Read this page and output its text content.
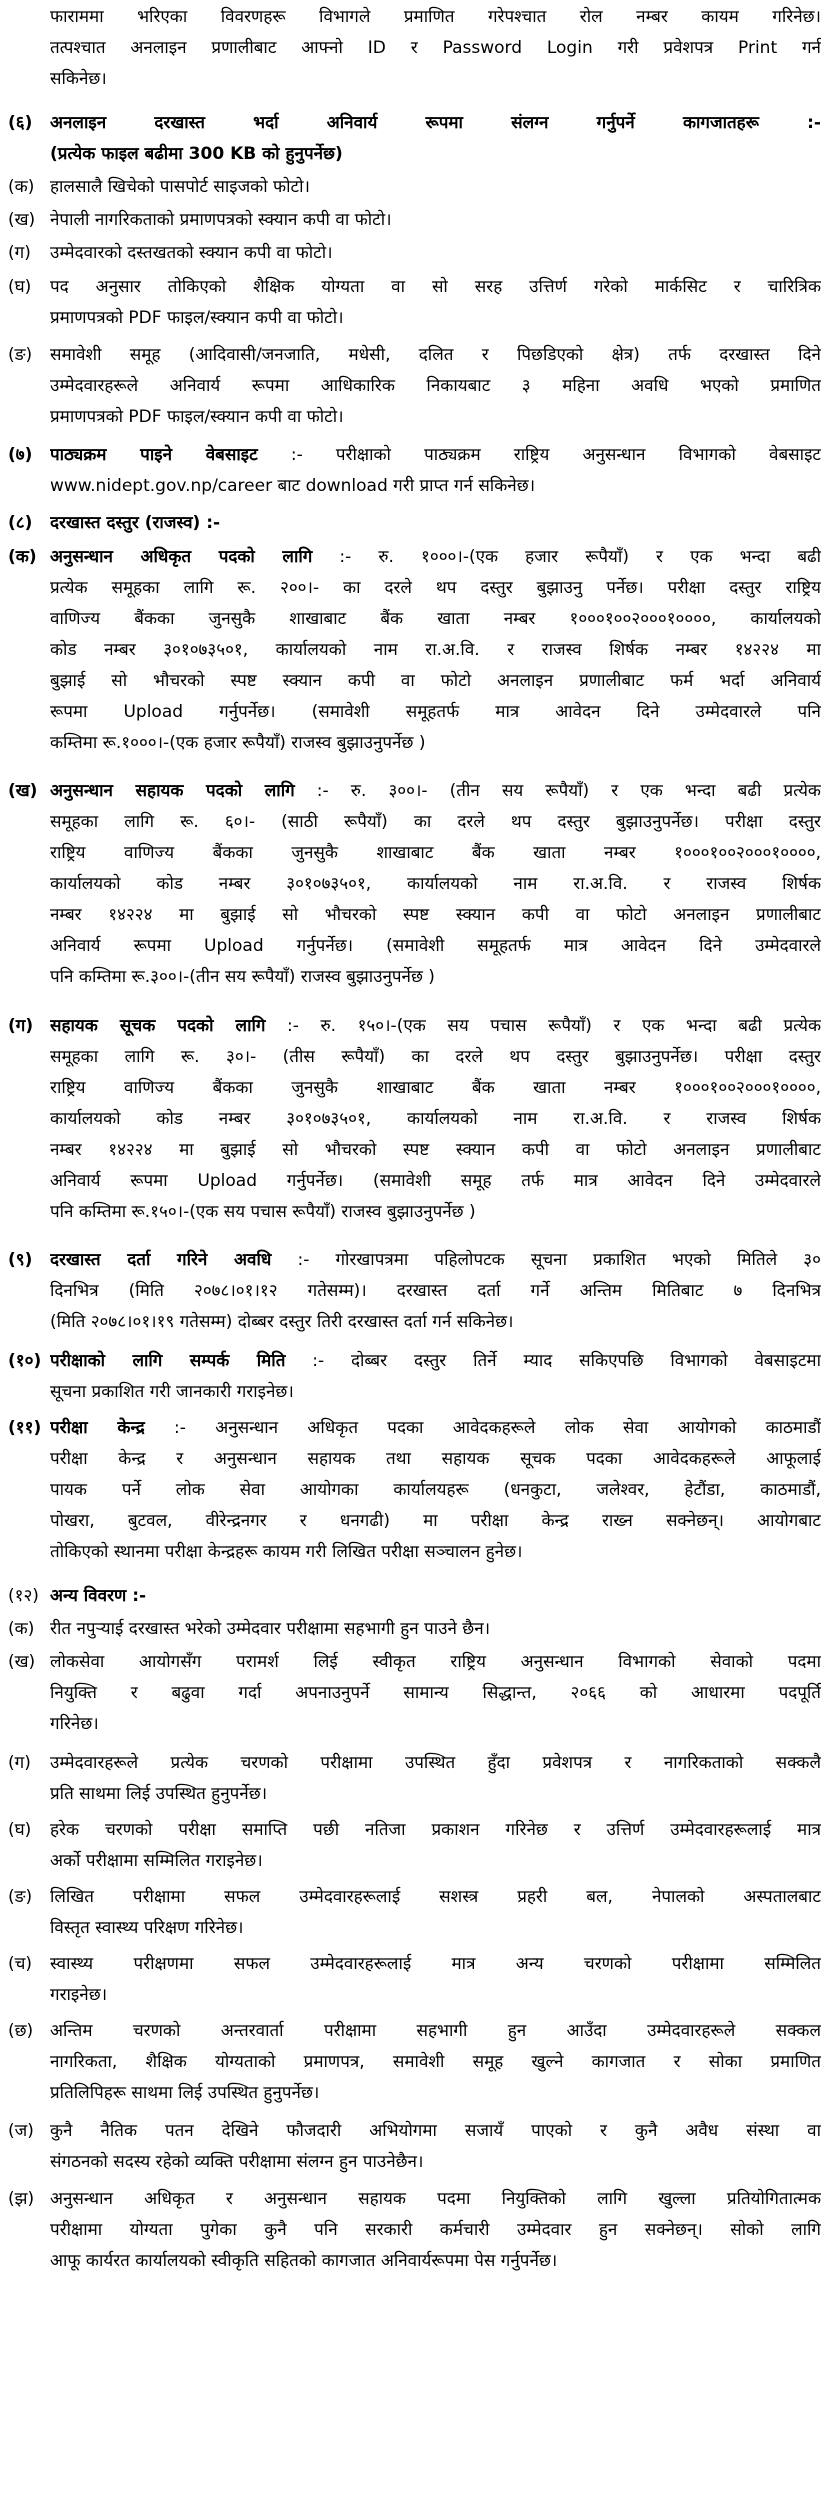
फाराममा भरिएका विवरणहरू विभागले प्रमाणित गरेपश्चात रोल नम्बर कायम गरिनेछ।
तत्पश्चात अनलाइन प्रणालीबाट आफ्नो ID र Password Login गरी प्रवेशपत्र Print गर्न
सकिनेछ।
(६)	अनलाइन दरखास्त भर्दा अनिवार्य रूपमा संलग्न गर्नुपर्ने कागजातहरू :-
(प्रत्येक फाइल बढीमा 300 KB को हुनुपर्नेछ)
(क) हालसालै खिचेको पासपोर्ट साइजको फोटो।
(ख) नेपाली नागरिकताको प्रमाणपत्रको स्क्यान कपी वा फोटो।
(ग)	उम्मेदवारको दस्तखतको स्क्यान कपी वा फोटो।
(घ)	पद अनुसार तोकिएको शैक्षिक योग्यता वा सो सरह उत्तिर्ण गरेको मार्कसिट र चारित्रिक
प्रमाणपत्रको PDF फाइल/स्क्यान कपी वा फोटो।
(ङ)	समावेशी समूह (आदिवासी/जनजाति, मधेसी, दलित र पिछडिएको क्षेत्र) तर्फ दरखास्त दिने
उम्मेदवारहरूले अनिवार्य रूपमा आधिकारिक निकायबाट ३ महिना अवधि भएको प्रमाणित
प्रमाणपत्रको PDF फाइल/स्क्यान कपी वा फोटो।
(७)	पाठ्यक्रम पाइने वेबसाइट :- परीक्षाको पाठ्यक्रम राष्ट्रिय अनुसन्धान विभागको वेबसाइट
www.nidept.gov.np/career बाट download गरी प्राप्त गर्न सकिनेछ।
(८)	दरखास्त दस्तुर (राजस्व) :-
(क) अनुसन्धान अधिकृत पदको लागि :- रु. १०००।-(एक हजार रूपैयाँ) र एक भन्दा बढी
प्रत्येक समूहका लागि रू. २००।- का दरले थप दस्तुर बुझाउनु पर्नेछ। परीक्षा दस्तुर राष्ट्रिय
वाणिज्य बैंकका जुनसुकै शाखाबाट बैंक खाता नम्बर १०००१००२०००१००००, कार्यालयको
कोड नम्बर ३०१०७३५०१, कार्यालयको नाम रा.अ.वि. र राजस्व शिर्षक नम्बर १४२२४ मा
बुझाई सो भौचरको स्पष्ट स्क्यान कपी वा फोटो अनलाइन प्रणालीबाट फर्म भर्दा अनिवार्य
रूपमा Upload गर्नुपर्नेछ। (समावेशी समूहतर्फ मात्र आवेदन दिने उम्मेदवारले पनि
कम्तिमा रू.१०००।-(एक हजार रूपैयाँ) राजस्व बुझाउनुपर्नेछ )
(ख) अनुसन्धान सहायक पदको लागि :- रु. ३००।- (तीन सय रूपैयाँ) र एक भन्दा बढी प्रत्येक
समूहका लागि रू. ६०।- (साठी रूपैयाँ) का दरले थप दस्तुर बुझाउनुपर्नेछ। परीक्षा दस्तुर
राष्ट्रिय वाणिज्य बैंकका जुनसुकै शाखाबाट बैंक खाता नम्बर १०००१००२०००१००००,
कार्यालयको कोड नम्बर ३०१०७३५०१, कार्यालयको नाम रा.अ.वि. र राजस्व शिर्षक
नम्बर १४२२४ मा बुझाई सो भौचरको स्पष्ट स्क्यान कपी वा फोटो अनलाइन प्रणालीबाट
अनिवार्य रूपमा Upload गर्नुपर्नेछ। (समावेशी समूहतर्फ मात्र आवेदन दिने उम्मेदवारले
पनि कम्तिमा रू.३००।-(तीन सय रूपैयाँ) राजस्व बुझाउनुपर्नेछ )
(ग) सहायक सूचक पदको लागि :- रु. १५०।-(एक सय पचास रूपैयाँ) र एक भन्दा बढी प्रत्येक
समूहका लागि रू. ३०।- (तीस रूपैयाँ) का दरले थप दस्तुर बुझाउनुपर्नेछ। परीक्षा दस्तुर
राष्ट्रिय वाणिज्य बैंकका जुनसुकै शाखाबाट बैंक खाता नम्बर १०००१००२०००१००००,
कार्यालयको कोड नम्बर ३०१०७३५०१, कार्यालयको नाम रा.अ.वि. र राजस्व शिर्षक
नम्बर १४२२४ मा बुझाई सो भौचरको स्पष्ट स्क्यान कपी वा फोटो अनलाइन प्रणालीबाट
अनिवार्य रूपमा Upload गर्नुपर्नेछ। (समावेशी समूह तर्फ मात्र आवेदन दिने उम्मेदवारले
पनि कम्तिमा रू.१५०।-(एक सय पचास रूपैयाँ) राजस्व बुझाउनुपर्नेछ )
(९)	दरखास्त दर्ता गरिने अवधि :- गोरखापत्रमा पहिलोपटक सूचना प्रकाशित भएको मितिले ३०
दिनभित्र (मिति २०७८।०१।१२ गतेसम्म)। दरखास्त दर्ता गर्ने अन्तिम मितिबाट ७ दिनभित्र
(मिति २०७८।०१।१९ गतेसम्म) दोब्बर दस्तुर तिरी दरखास्त दर्ता गर्न सकिनेछ।
(१०) परीक्षाको लागि सम्पर्क मिति :- दोब्बर दस्तुर तिर्ने म्याद सकिएपछि विभागको वेबसाइटमा
सूचना प्रकाशित गरी जानकारी गराइनेछ।
(११) परीक्षा केन्द्र :- अनुसन्धान अधिकृत पदका आवेदकहरूले लोक सेवा आयोगको काठमाडौं
परीक्षा केन्द्र र अनुसन्धान सहायक तथा सहायक सूचक पदका आवेदकहरूले आफूलाई
पायक पर्ने लोक सेवा आयोगका कार्यालयहरू (धनकुटा, जलेश्वर, हेटौंडा, काठमाडौं,
पोखरा, बुटवल, वीरेन्द्रनगर र धनगढी) मा परीक्षा केन्द्र राख्न सक्नेछन्। आयोगबाट
तोकिएको स्थानमा परीक्षा केन्द्रहरू कायम गरी लिखित परीक्षा सञ्चालन हुनेछ।
(१२) अन्य विवरण :-
(क) रीत नपुऱ्याई दरखास्त भरेको उम्मेदवार परीक्षामा सहभागी हुन पाउने छैन।
(ख) लोकसेवा आयोगसँग परामर्श लिई स्वीकृत राष्ट्रिय अनुसन्धान विभागको सेवाको पदमा
नियुक्ति र बढुवा गर्दा अपनाउनुपर्ने सामान्य सिद्धान्त, २०६६ को आधारमा पदपूर्ति
गरिनेछ।
(ग)	उम्मेदवारहरूले प्रत्येक चरणको परीक्षामा उपस्थित हुँदा प्रवेशपत्र र नागरिकताको सक्कलै
प्रति साथमा लिई उपस्थित हुनुपर्नेछ।
(घ)	हरेक चरणको परीक्षा समाप्ति पछी नतिजा प्रकाशन गरिनेछ र उत्तिर्ण उम्मेदवारहरूलाई मात्र
अर्को परीक्षामा सम्मिलित गराइनेछ।
(ङ)	लिखित परीक्षामा सफल उम्मेदवारहरूलाई सशस्त्र प्रहरी बल, नेपालको अस्पतालबाट
विस्तृत स्वास्थ्य परिक्षण गरिनेछ।
(च)	स्वास्थ्य परीक्षणमा सफल उम्मेदवारहरूलाई मात्र अन्य चरणको परीक्षामा सम्मिलित
गराइनेछ।
(छ) अन्तिम चरणको अन्तरवार्ता परीक्षामा सहभागी हुन आउँदा उम्मेदवारहरूले सक्कल
नागरिकता, शैक्षिक योग्यताको प्रमाणपत्र, समावेशी समूह खुल्ने कागजात र सोका प्रमाणित
प्रतिलिपिहरू साथमा लिई उपस्थित हुनुपर्नेछ।
(ज) कुनै नैतिक पतन देखिने फौजदारी अभियोगमा सजायँ पाएको र कुनै अवैध संस्था वा
संगठनको सदस्य रहेको व्यक्ति परीक्षामा संलग्न हुन पाउनेछैन।
(झ) अनुसन्धान अधिकृत र अनुसन्धान सहायक पदमा नियुक्तिको लागि खुल्ला प्रतियोगितात्मक
परीक्षामा योग्यता पुगेका कुनै पनि सरकारी कर्मचारी उम्मेदवार हुन सक्नेछन्। सोको लागि
आफू कार्यरत कार्यालयको स्वीकृति सहितको कागजात अनिवार्यरूपमा पेस गर्नुपर्नेछ।
